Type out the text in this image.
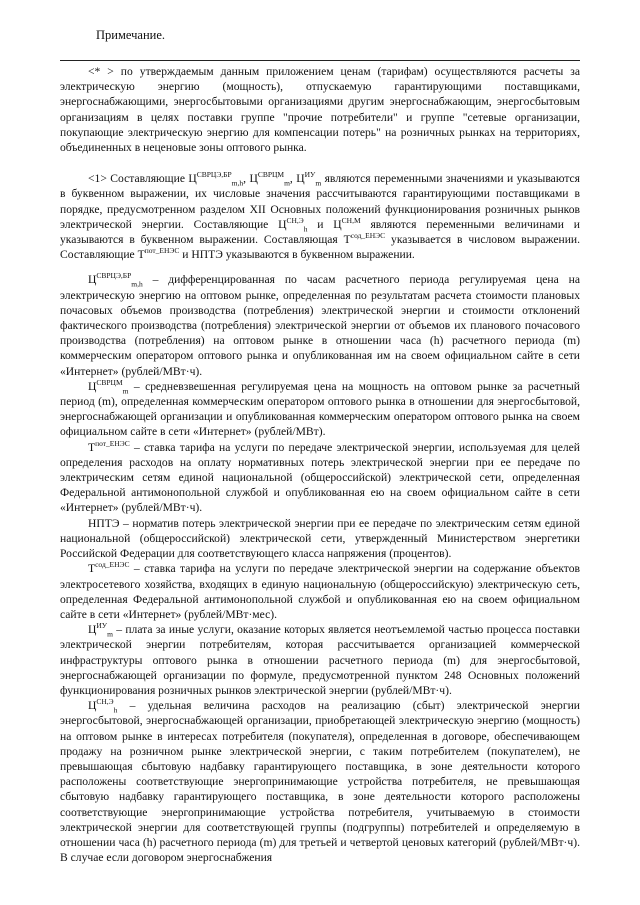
Примечание.

<* > по утверждаемым данным приложением ценам (тарифам) осуществляются расчеты за электрическую энергию (мощность), отпускаемую гарантирующими поставщиками, энергоснабжающими, энергосбытовыми организациями другим энергоснабжающим, энергосбытовым организациям в целях поставки группе "прочие потребители" и группе "сетевые организации, покупающие электрическую энергию для компенсации потерь" на розничных рынках на территориях, объединенных в неценовые зоны оптового рынка.

<1> Составляющие $Ц^{СВРЦЭ,БР}_{m,h}$, $Ц^{СВРЦМ}_m$, $Ц^{ИУ}_m$ являются переменными значениями и указываются в буквенном выражении, их числовые значения рассчитываются гарантирующими поставщиками в порядке, предусмотренном разделом XII Основных положений функционирования розничных рынков электрической энергии. Составляющие $Ц^{СН,Э}_h$ и $Ц^{СН,М}$ являются переменными величинами и указываются в буквенном выражении. Составляющая $Т^{сод\_ЕНЭС}$ указывается в числовом выражении. Составляющие $Т^{пот\_ЕНЭС}$ и НПТЭ указываются в буквенном выражении.

$Ц^{СВРЦЭ,БР}_{m,h}$ – дифференцированная по часам расчетного периода регулируемая цена на электрическую энергию на оптовом рынке, определенная по результатам расчета стоимости плановых почасовых объемов производства (потребления) электрической энергии и стоимости отклонений фактического производства (потребления) электрической энергии от объемов их планового почасового производства (потребления) на оптовом рынке в отношении часа (h) расчетного периода (m) коммерческим оператором оптового рынка и опубликованная им на своем официальном сайте в сети «Интернет» (рублей/МВт·ч).

$Ц^{СВРЦМ}_m$ – средневзвешенная регулируемая цена на мощность на оптовом рынке за расчетный период (m), определенная коммерческим оператором оптового рынка в отношении для энергосбытовой, энергоснабжающей организации и опубликованная коммерческим оператором оптового рынка на своем официальном сайте в сети «Интернет» (рублей/МВт).

$Т^{пот\_ЕНЭС}$ – ставка тарифа на услуги по передаче электрической энергии, используемая для целей определения расходов на оплату нормативных потерь электрической энергии при ее передаче по электрическим сетям единой национальной (общероссийской) электрической сети, определенная Федеральной антимонопольной службой и опубликованная ею на своем официальном сайте в сети «Интернет» (рублей/МВт·ч).

НПТЭ – норматив потерь электрической энергии при ее передаче по электрическим сетям единой национальной (общероссийской) электрической сети, утвержденный Министерством энергетики Российской Федерации для соответствующего класса напряжения (процентов).

$Т^{сод\_ЕНЭС}$ – ставка тарифа на услуги по передаче электрической энергии на содержание объектов электросетевого хозяйства, входящих в единую национальную (общероссийскую) электрическую сеть, определенная Федеральной антимонопольной службой и опубликованная ею на своем официальном сайте в сети «Интернет» (рублей/МВт·мес).

$Ц^{ИУ}_m$ – плата за иные услуги, оказание которых является неотъемлемой частью процесса поставки электрической энергии потребителям, которая рассчитывается организацией коммерческой инфраструктуры оптового рынка в отношении расчетного периода (m) для энергосбытовой, энергоснабжающей организации по формуле, предусмотренной пунктом 248 Основных положений функционирования розничных рынков электрической энергии (рублей/МВт·ч).

$Ц^{СН,Э}_h$ – удельная величина расходов на реализацию (сбыт) электрической энергии энергосбытовой, энергоснабжающей организации, приобретающей электрическую энергию (мощность) на оптовом рынке в интересах потребителя (покупателя), определенная в договоре, обеспечивающем продажу на розничном рынке электрической энергии, с таким потребителем (покупателем), не превышающая сбытовую надбавку гарантирующего поставщика, в зоне деятельности которого расположены соответствующие энергопринимающие устройства потребителя, не превышающая сбытовую надбавку гарантирующего поставщика, в зоне деятельности которого расположены соответствующие энергопринимающие устройства потребителя, учитываемую в стоимости электрической энергии для соответствующей группы (подгруппы) потребителей и определяемую в отношении часа (h) расчетного периода (m) для третьей и четвертой ценовых категорий (рублей/МВт·ч). В случае если договором энергоснабжения
